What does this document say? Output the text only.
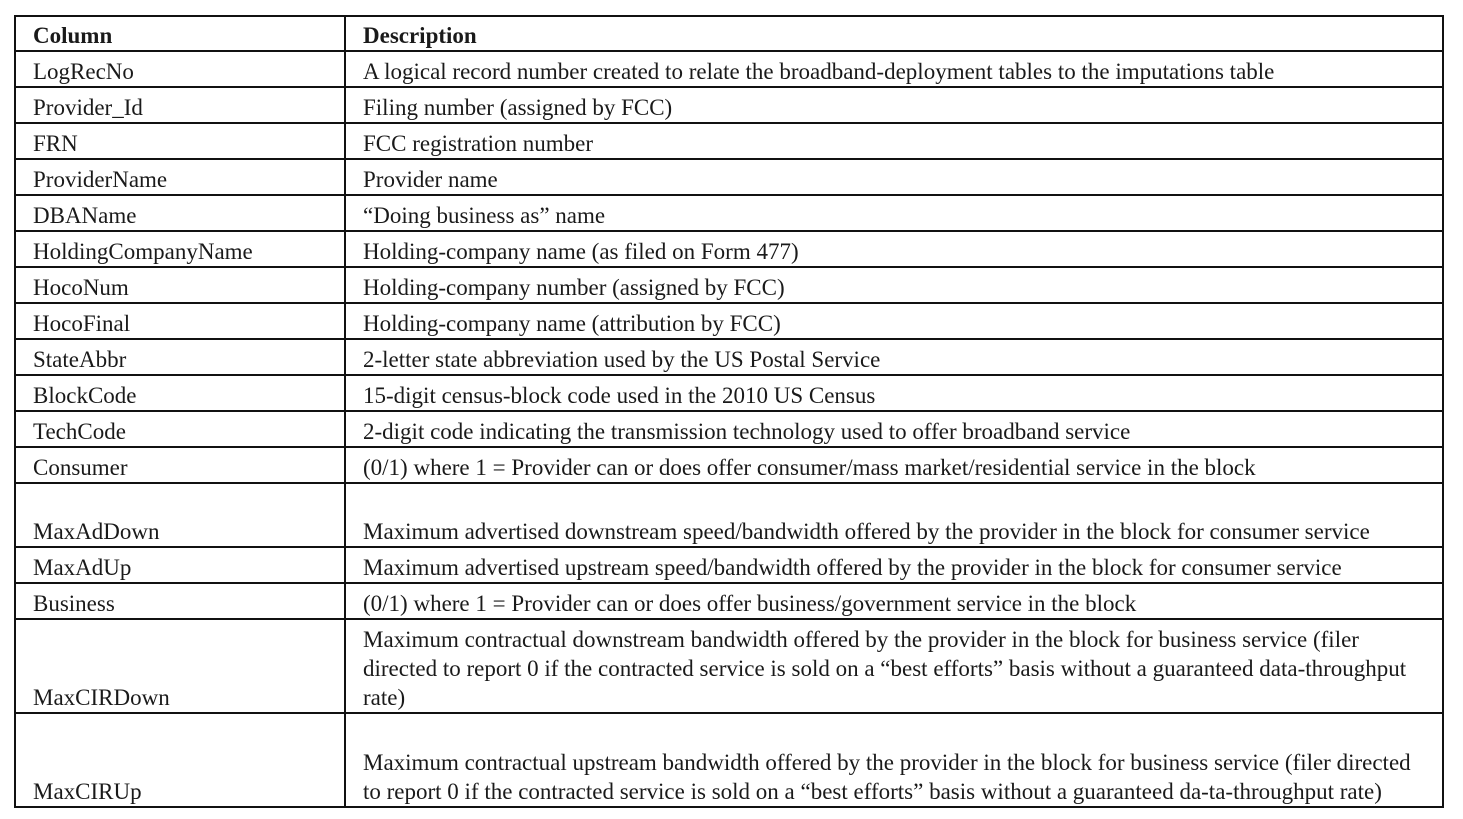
Column	Description
LogRecNo	A logical record number created to relate the broadband-deployment tables to the imputations table
Provider_Id	Filing number (assigned by FCC)
FRN	FCC registration number
ProviderName	Provider name
DBAName	“Doing business as” name
HoldingCompanyName	Holding-company name (as filed on Form 477)
HocoNum	Holding-company number (assigned by FCC)
HocoFinal	Holding-company name (attribution by FCC)
StateAbbr	2-letter state abbreviation used by the US Postal Service
BlockCode	15-digit census-block code used in the 2010 US Census
TechCode	2-digit code indicating the transmission technology used to offer broadband service
Consumer	(0/1) where 1 = Provider can or does offer consumer/mass market/residential service in the block
MaxAdDown	Maximum advertised downstream speed/bandwidth offered by the provider in the block for consumer service
MaxAdUp	Maximum advertised upstream speed/bandwidth offered by the provider in the block for consumer service
Business	(0/1) where 1 = Provider can or does offer business/government service in the block
MaxCIRDown	Maximum contractual downstream bandwidth offered by the provider in the block for business service (filer directed to report 0 if the contracted service is sold on a “best efforts” basis without a guaranteed data-throughput rate)
MaxCIRUp	Maximum contractual upstream bandwidth offered by the provider in the block for business service (filer directed to report 0 if the contracted service is sold on a “best efforts” basis without a guaranteed da-ta-throughput rate)
